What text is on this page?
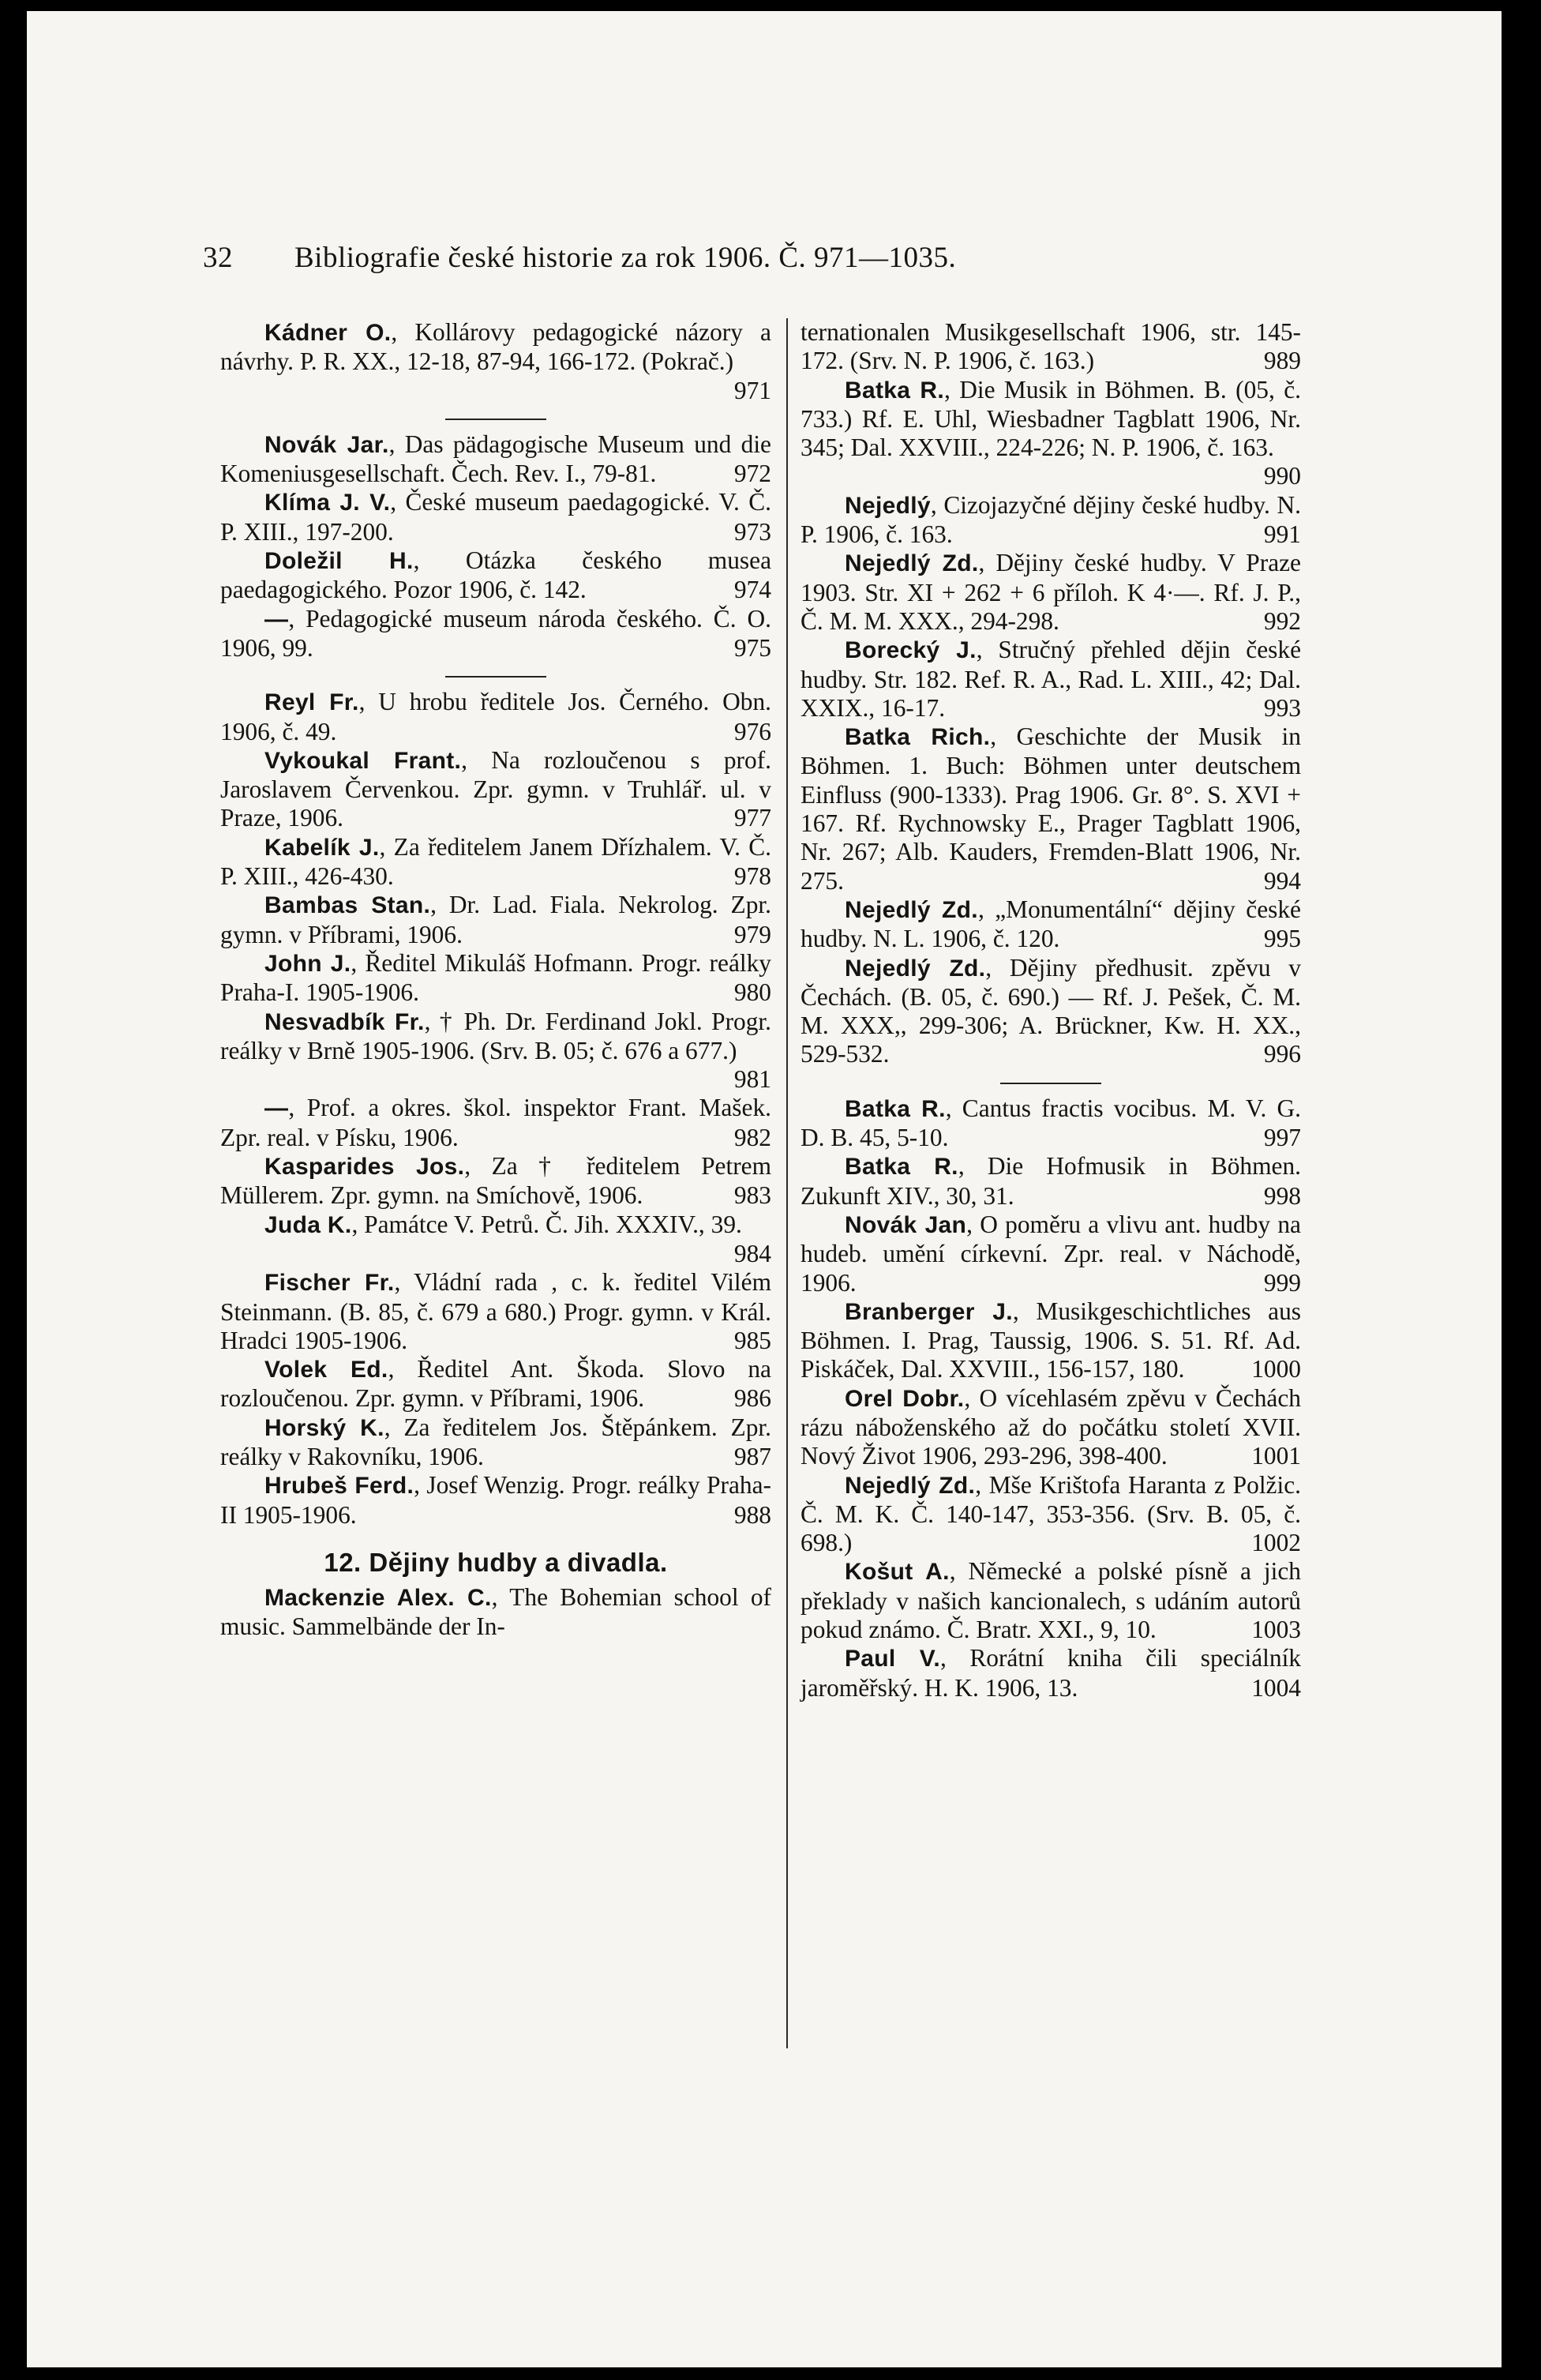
32 Bibliografie české historie za rok 1906. Č. 971—1035.

Kádner O., Kollárovy pedagogické názory a návrhy. P. R. XX., 12-18, 87-94, 166-172. (Pokrač.)
971

Novák Jar., Das pädagogische Museum und die Komeniusgesellschaft. Čech. Rev. I., 79-81.	972

Klíma J. V., České museum paedagogické. V. Č. P. XIII., 197-200.	973

Doležil H., Otázka českého musea paedagogického. Pozor 1906, č. 142.	974

—, Pedagogické museum národa českého. Č. O. 1906, 99.	975

Reyl Fr., U hrobu ředitele Jos. Černého. Obn. 1906, č. 49.	976

Vykoukal Frant., Na rozloučenou s prof. Jaroslavem Červenkou. Zpr. gymn. v Truhlář. ul. v Praze, 1906.	977

Kabelík J., Za ředitelem Janem Dřízhalem. V. Č. P. XIII., 426-430.	978

Bambas Stan., Dr. Lad. Fiala. Nekrolog. Zpr. gymn. v Příbrami, 1906.	979

John J., Ředitel Mikuláš Hofmann. Progr. reálky Praha-I. 1905-1906.	980

Nesvadbík Fr., † Ph. Dr. Ferdinand Jokl. Progr. reálky v Brně 1905-1906. (Srv. B. 05; č. 676 a 677.)
981

—, Prof. a okres. škol. inspektor Frant. Mašek. Zpr. real. v Písku, 1906.	982

Kasparides Jos., Za † ředitelem Petrem Müllerem. Zpr. gymn. na Smíchově, 1906.	983

Juda K., Památce V. Petrů. Č. Jih. XXXIV., 39.
984

Fischer Fr., Vládní rada , c. k. ředitel Vilém Steinmann. (B. 85, č. 679 a 680.) Progr. gymn. v Král. Hradci 1905-1906.	985

Volek Ed., Ředitel Ant. Škoda. Slovo na rozloučenou. Zpr. gymn. v Příbrami, 1906.	986

Horský K., Za ředitelem Jos. Štěpánkem. Zpr. reálky v Rakovníku, 1906.	987

Hrubeš Ferd., Josef Wenzig. Progr. reálky Praha-II 1905-1906.	988

12. Dějiny hudby a divadla.

Mackenzie Alex. C., The Bohemian school of music. Sammelbände der In-

ternationalen Musikgesellschaft 1906, str. 145-172. (Srv. N. P. 1906, č. 163.)	989

Batka R., Die Musik in Böhmen. B. (05, č. 733.) Rf. E. Uhl, Wiesbadner Tagblatt 1906, Nr. 345; Dal. XXVIII., 224-226; N. P. 1906, č. 163.
990

Nejedlý, Cizojazyčné dějiny české hudby. N. P. 1906, č. 163.	991

Nejedlý Zd., Dějiny české hudby. V Praze 1903. Str. XI + 262 + 6 příloh. K 4·—. Rf. J. P., Č. M. M. XXX., 294-298.	992

Borecký J., Stručný přehled dějin české hudby. Str. 182. Ref. R. A., Rad. L. XIII., 42; Dal. XXIX., 16-17.	993

Batka Rich., Geschichte der Musik in Böhmen. 1. Buch: Böhmen unter deutschem Einfluss (900-1333). Prag 1906. Gr. 8°. S. XVI + 167. Rf. Rychnowsky E., Prager Tagblatt 1906, Nr. 267; Alb. Kauders, Fremden-Blatt 1906, Nr. 275.	994

Nejedlý Zd., „Monumentální“ dějiny české hudby. N. L. 1906, č. 120.	995

Nejedlý Zd., Dějiny předhusit. zpěvu v Čechách. (B. 05, č. 690.) — Rf. J. Pešek, Č. M. M. XXX,, 299-306; A. Brückner, Kw. H. XX., 529-532.	996

Batka R., Cantus fractis vocibus. M. V. G. D. B. 45, 5-10.	997

Batka R., Die Hofmusik in Böhmen. Zukunft XIV., 30, 31.	998

Novák Jan, O poměru a vlivu ant. hudby na hudeb. umění církevní. Zpr. real. v Náchodě, 1906.	999

Branberger J., Musikgeschichtliches aus Böhmen. I. Prag, Taussig, 1906. S. 51. Rf. Ad. Piskáček, Dal. XXVIII., 156-157, 180.	1000

Orel Dobr., O vícehlasém zpěvu v Čechách rázu náboženského až do počátku století XVII. Nový Život 1906, 293-296, 398-400.	1001

Nejedlý Zd., Mše Krištofa Haranta z Polžic. Č. M. K. Č. 140-147, 353-356. (Srv. B. 05, č. 698.)	1002

Košut A., Německé a polské písně a jich překlady v našich kancionalech, s udáním autorů pokud známo. Č. Bratr. XXI., 9, 10.	1003

Paul V., Rorátní kniha čili speciálník jaroměřský. H. K. 1906, 13.	1004
